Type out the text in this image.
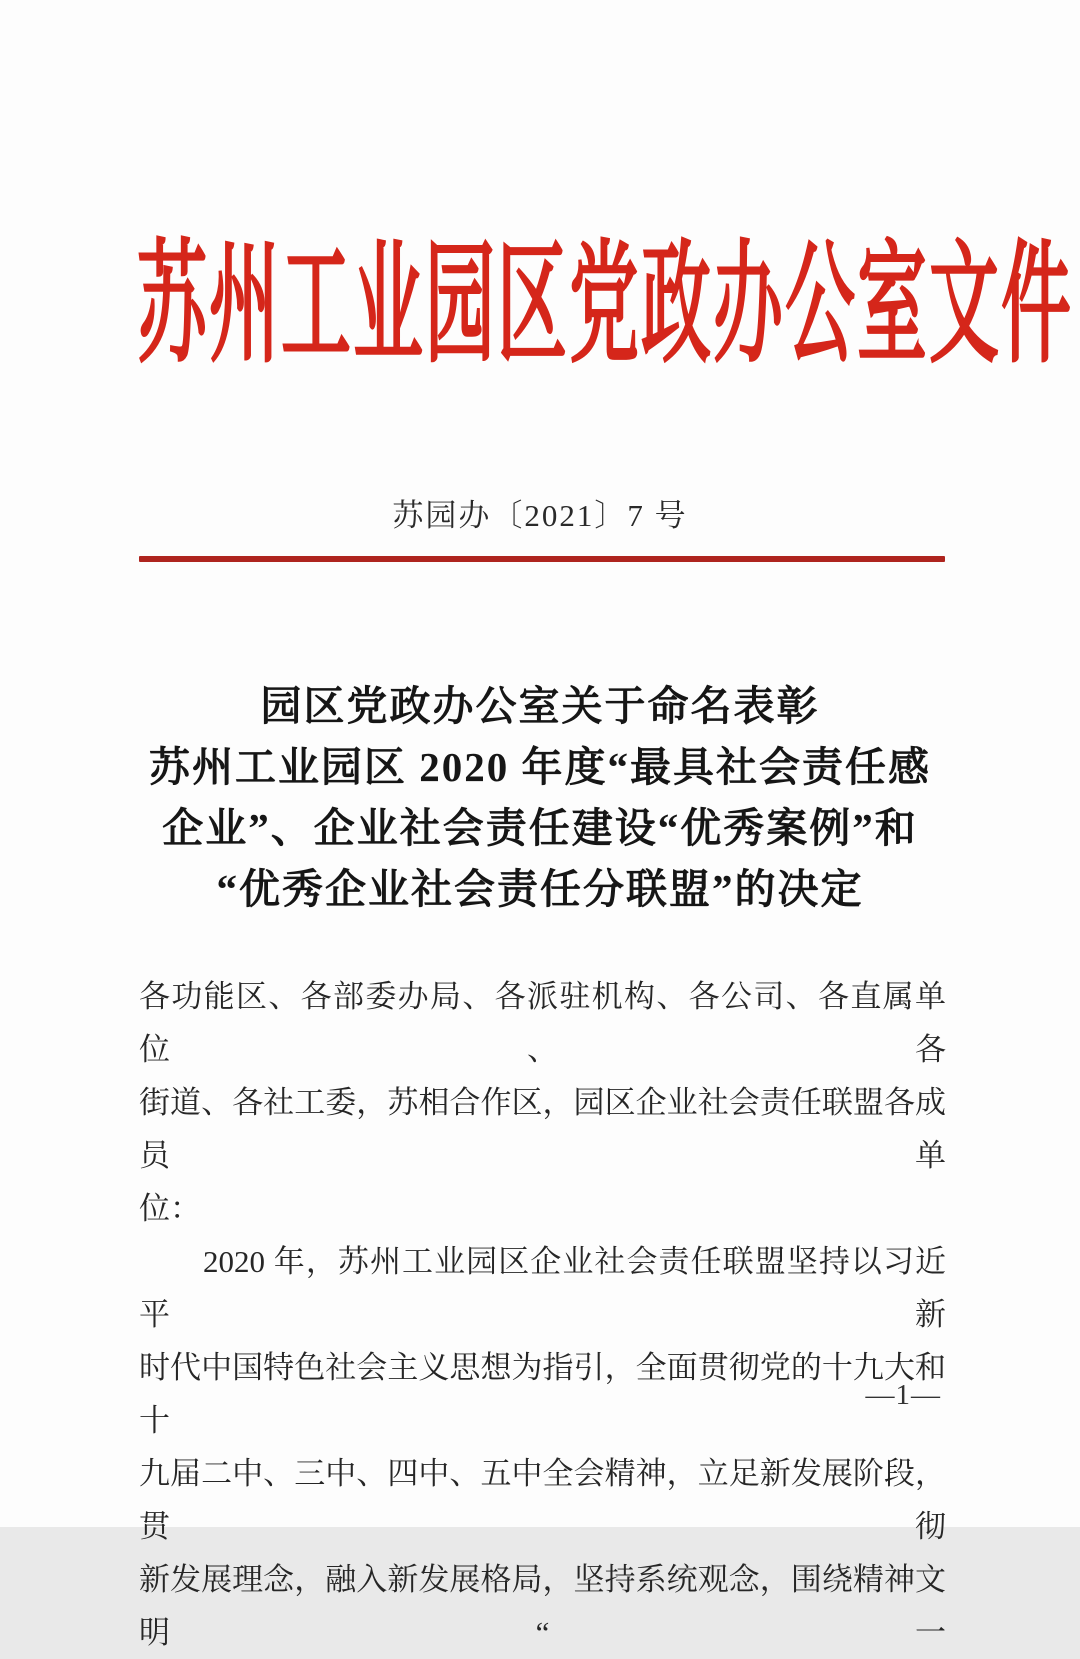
苏州工业园区党政办公室文件
苏园办〔2021〕7 号
园区党政办公室关于命名表彰
苏州工业园区 2020 年度“最具社会责任感
企业”、企业社会责任建设“优秀案例”和
“优秀企业社会责任分联盟”的决定
各功能区、各部委办局、各派驻机构、各公司、各直属单位、各
街道、各社工委，苏相合作区，园区企业社会责任联盟各成员单
位：
2020 年，苏州工业园区企业社会责任联盟坚持以习近平新
时代中国特色社会主义思想为指引，全面贯彻党的十九大和十
九届二中、三中、四中、五中全会精神，立足新发展阶段，贯彻
新发展理念，融入新发展格局，坚持系统观念，围绕精神文明“一
—1—
